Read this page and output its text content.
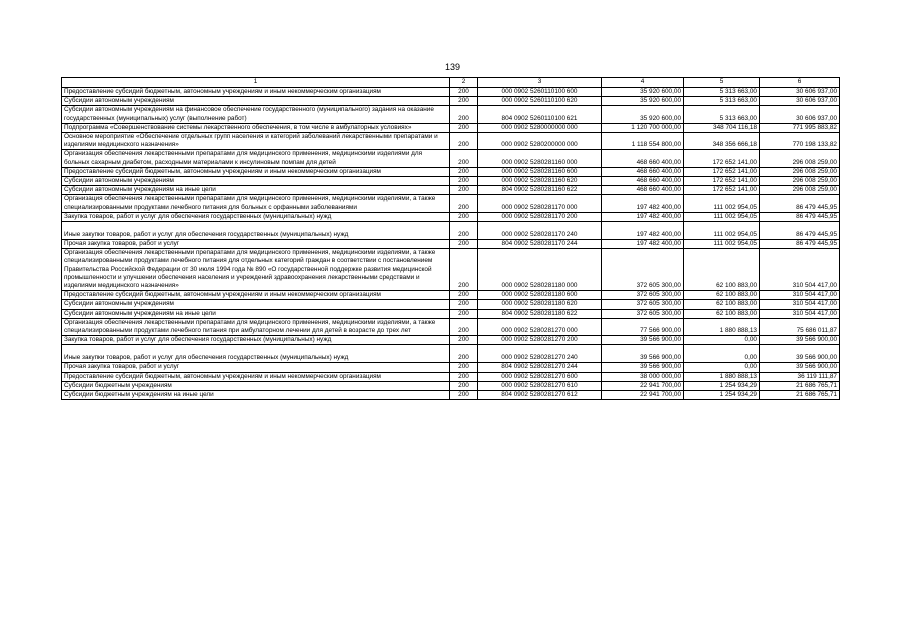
139
1	2	3	4	5	6
Предоставление субсидий бюджетным, автономным учреждениям и иным некоммерческим организациям	200	000 0902 5260110100 600	35 920 600,00	5 313 663,00	30 606 937,00
Субсидии автономным учреждениям	200	000 0902 5260110100 620	35 920 600,00	5 313 663,00	30 606 937,00
Субсидии автономным учреждениям на финансовое обеспечение государственного (муниципального) задания на оказание государственных (муниципальных) услуг (выполнение работ)	200	804 0902 5260110100 621	35 920 600,00	5 313 663,00	30 606 937,00
Подпрограмма «Совершенствование системы лекарственного обеспечения, в том числе в амбулаторных условиях»	200	000 0902 5280000000 000	1 120 700 000,00	348 704 116,18	771 995 883,82
Основное мероприятие «Обеспечение отдельных групп населения и категорий заболеваний лекарственными препаратами и изделиями медицинского назначения»	200	000 0902 5280200000 000	1 118 554 800,00	348 356 666,18	770 198 133,82
Организация обеспечения лекарственными препаратами для медицинского применения, медицинскими изделиями для больных сахарным диабетом, расходными материалами к инсулиновым помпам для детей	200	000 0902 5280281160 000	468 660 400,00	172 652 141,00	296 008 259,00
Предоставление субсидий бюджетным, автономным учреждениям и иным некоммерческим организациям	200	000 0902 5280281160 600	468 660 400,00	172 652 141,00	296 008 259,00
Субсидии автономным учреждениям	200	000 0902 5280281160 620	468 660 400,00	172 652 141,00	296 008 259,00
Субсидии автономным учреждениям на иные цели	200	804 0902 5280281160 622	468 660 400,00	172 652 141,00	296 008 259,00
Организация обеспечения лекарственными препаратами для медицинского применения, медицинскими изделиями, а также специализированными продуктами лечебного питания для больных с орфанными заболеваниями	200	000 0902 5280281170 000	197 482 400,00	111 002 954,05	86 479 445,95
Закупка товаров, работ и услуг для обеспечения государственных (муниципальных) нужд	200	000 0902 5280281170 200	197 482 400,00	111 002 954,05	86 479 445,95
Иные закупки товаров, работ и услуг для обеспечения государственных (муниципальных) нужд	200	000 0902 5280281170 240	197 482 400,00	111 002 954,05	86 479 445,95
Прочая закупка товаров, работ и услуг	200	804 0902 5280281170 244	197 482 400,00	111 002 954,05	86 479 445,95
Организация обеспечения лекарственными препаратами для медицинского применения, медицинскими изделиями, а также специализированными продуктами лечебного питания для отдельных категорий граждан в соответствии с постановлением Правительства Российской Федерации от 30 июля 1994 года № 890 «О государственной поддержке развития медицинской промышленности и улучшении обеспечения населения и учреждений здравоохранения лекарственными средствами и изделиями медицинского назначения»	200	000 0902 5280281180 000	372 605 300,00	62 100 883,00	310 504 417,00
Предоставление субсидий бюджетным, автономным учреждениям и иным некоммерческим организациям	200	000 0902 5280281180 600	372 605 300,00	62 100 883,00	310 504 417,00
Субсидии автономным учреждениям	200	000 0902 5280281180 620	372 605 300,00	62 100 883,00	310 504 417,00
Субсидии автономным учреждениям на иные цели	200	804 0902 5280281180 622	372 605 300,00	62 100 883,00	310 504 417,00
Организация обеспечения лекарственными препаратами для медицинского применения, медицинскими изделиями, а также специализированными продуктами лечебного питания при амбулаторном лечении для детей в возрасте до трех лет	200	000 0902 5280281270 000	77 566 900,00	1 880 888,13	75 686 011,87
Закупка товаров, работ и услуг для обеспечения государственных (муниципальных) нужд	200	000 0902 5280281270 200	39 566 900,00	0,00	39 566 900,00
Иные закупки товаров, работ и услуг для обеспечения государственных (муниципальных) нужд	200	000 0902 5280281270 240	39 566 900,00	0,00	39 566 900,00
Прочая закупка товаров, работ и услуг	200	804 0902 5280281270 244	39 566 900,00	0,00	39 566 900,00
Предоставление субсидий бюджетным, автономным учреждениям и иным некоммерческим организациям	200	000 0902 5280281270 600	38 000 000,00	1 880 888,13	36 119 111,87
Субсидии бюджетным учреждениям	200	000 0902 5280281270 610	22 941 700,00	1 254 934,29	21 686 765,71
Субсидии бюджетным учреждениям на иные цели	200	804 0902 5280281270 612	22 941 700,00	1 254 934,29	21 686 765,71
